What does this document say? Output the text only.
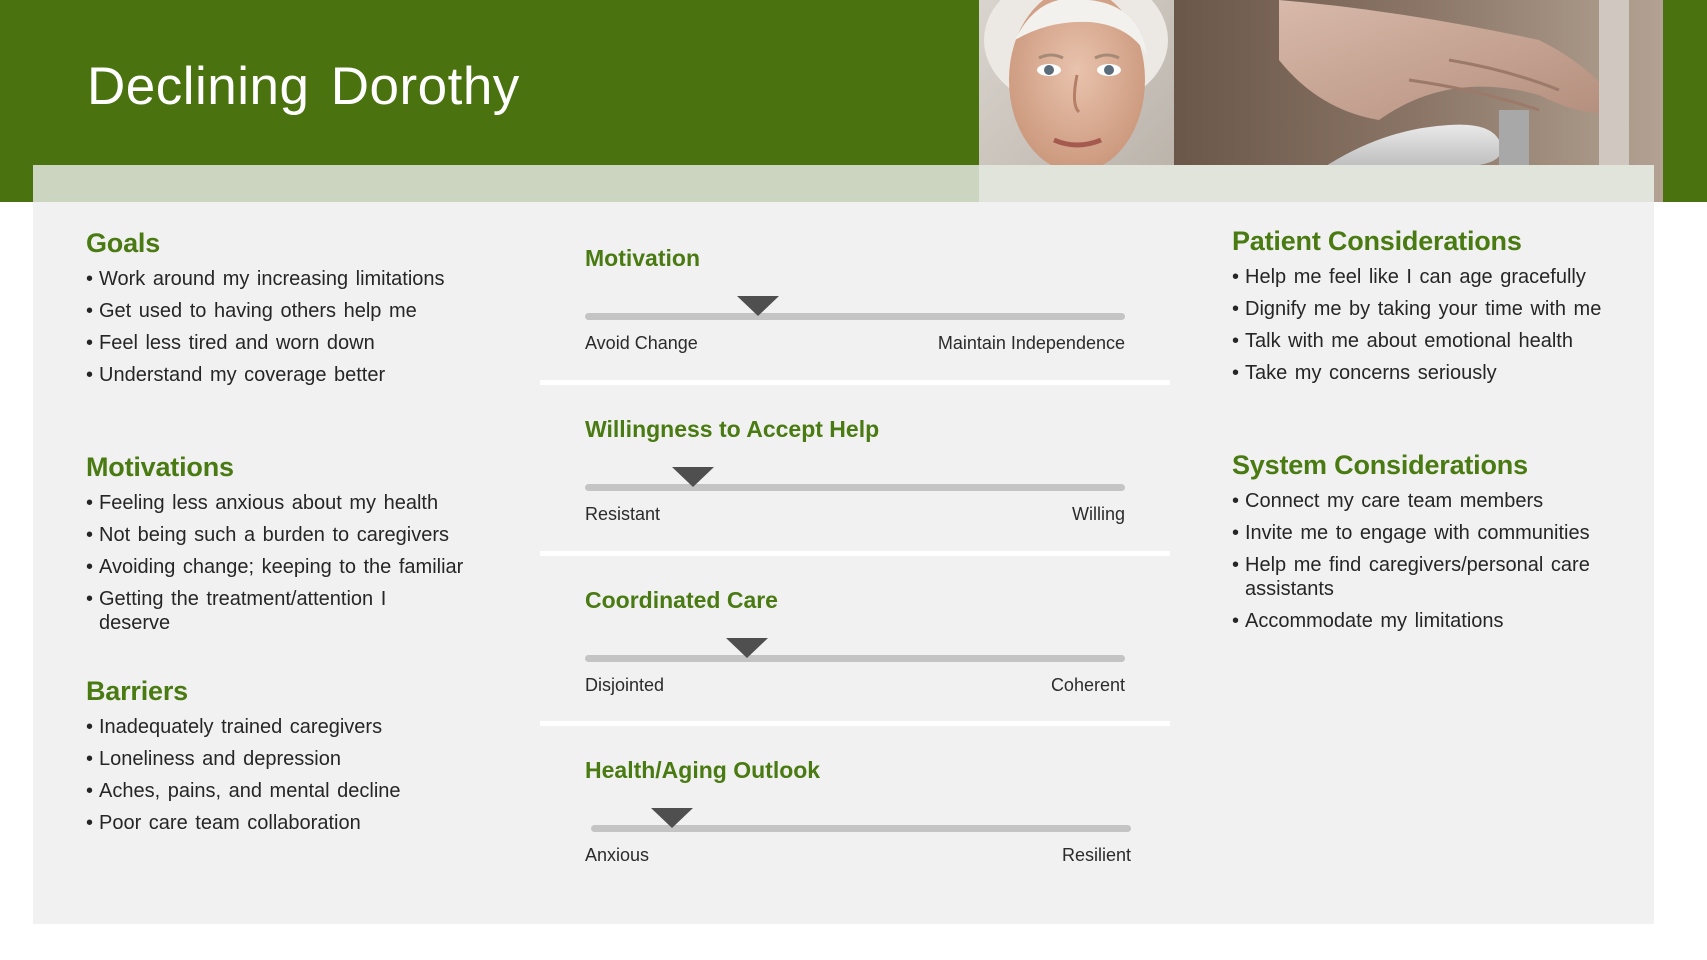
Declining Dorothy
Goals
• Work around my increasing limitations
• Get used to having others help me
• Feel less tired and worn down
• Understand my coverage better
Motivations
• Feeling less anxious about my health
• Not being such a burden to caregivers
• Avoiding change; keeping to the familiar
• Getting the treatment/attention I deserve
Barriers
• Inadequately trained caregivers
• Loneliness and depression
• Aches, pains, and mental decline
• Poor care team collaboration
Patient Considerations
• Help me feel like I can age gracefully
• Dignify me by taking your time with me
• Talk with me about emotional health
• Take my concerns seriously
System Considerations
• Connect my care team members
• Invite me to engage with communities
• Help me find caregivers/personal care assistants
• Accommodate my limitations
Motivation
Avoid Change	Maintain Independence
Willingness to Accept Help
Resistant	Willing
Coordinated Care
Disjointed	Coherent
Health/Aging Outlook
Anxious	Resilient
